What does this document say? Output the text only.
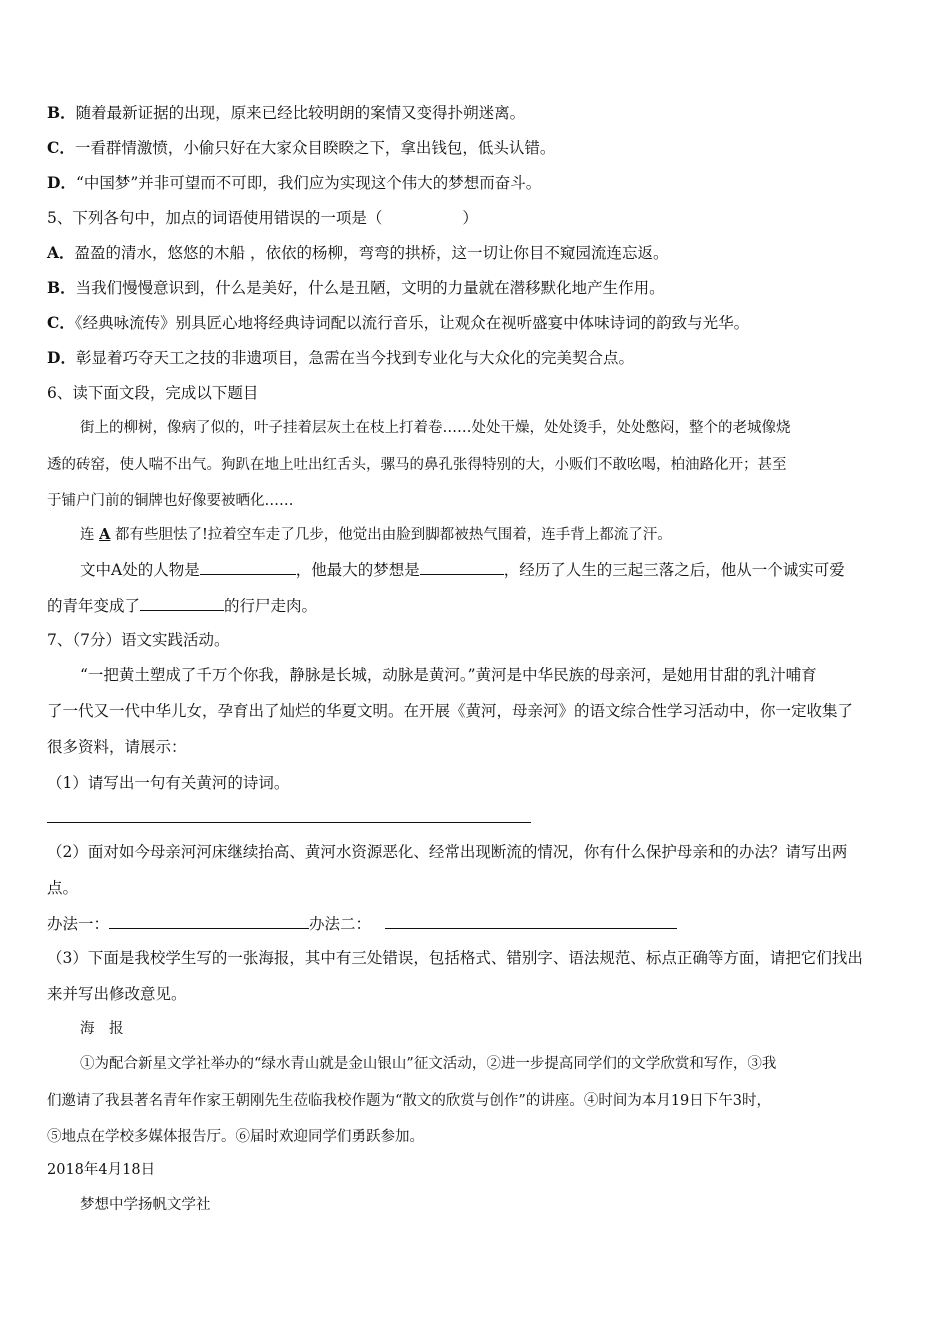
B．随着最新证据的出现，原来已经比较明朗的案情又变得扑朔迷离。
C．一看群情激愤，小偷只好在大家众目睽睽之下，拿出钱包，低头认错。
D．“中国梦”并非可望而不可即，我们应为实现这个伟大的梦想而奋斗。
5、下列各句中，加点的词语使用错误的一项是（	）
A．盈盈的清水，悠悠的木船 ，依依的杨柳，弯弯的拱桥，这一切让你目不窥园流连忘返。
B．当我们慢慢意识到，什么是美好，什么是丑陋，文明的力量就在潜移默化地产生作用。
C．《经典咏流传》别具匠心地将经典诗词配以流行音乐，让观众在视听盛宴中体味诗词的韵致与光华。
D．彰显着巧夺天工之技的非遗项目，急需在当今找到专业化与大众化的完美契合点。
6、读下面文段，完成以下题目
街上的柳树，像病了似的，叶子挂着层灰土在枝上打着卷……处处干燥，处处烫手，处处憋闷，整个的老城像烧
透的砖窑，使人喘不出气。狗趴在地上吐出红舌头，骡马的鼻孔张得特别的大，小贩们不敢吆喝，柏油路化开；甚至
于铺户门前的铜牌也好像要被晒化……
连 A 都有些胆怯了!拉着空车走了几步，他觉出由脸到脚都被热气围着，连手背上都流了汗。
文中A处的人物是	，他最大的梦想是	，经历了人生的三起三落之后，他从一个诚实可爱
的青年变成了	的行尸走肉。
7、（7分）语文实践活动。
“一把黄土塑成了千万个你我，静脉是长城，动脉是黄河。”黄河是中华民族的母亲河，是她用甘甜的乳汁哺育
了一代又一代中华儿女，孕育出了灿烂的华夏文明。在开展《黄河，母亲河》的语文综合性学习活动中，你一定收集了
很多资料，请展示：
（1）请写出一句有关黄河的诗词。
（2）面对如今母亲河河床继续抬高、黄河水资源恶化、经常出现断流的情况，你有什么保护母亲和的办法？请写出两
点。
办法一：	办法二：
（3）下面是我校学生写的一张海报，其中有三处错误，包括格式、错别字、语法规范、标点正确等方面，请把它们找出
来并写出修改意见。
海　报
①为配合新星文学社举办的“绿水青山就是金山银山”征文活动，②进一步提高同学们的文学欣赏和写作，③我
们邀请了我县著名青年作家王朝刚先生莅临我校作题为“散文的欣赏与创作”的讲座。④时间为本月19日下午3时，
⑤地点在学校多媒体报告厅。⑥届时欢迎同学们勇跃参加。
2018年4月18日
梦想中学扬帆文学社
